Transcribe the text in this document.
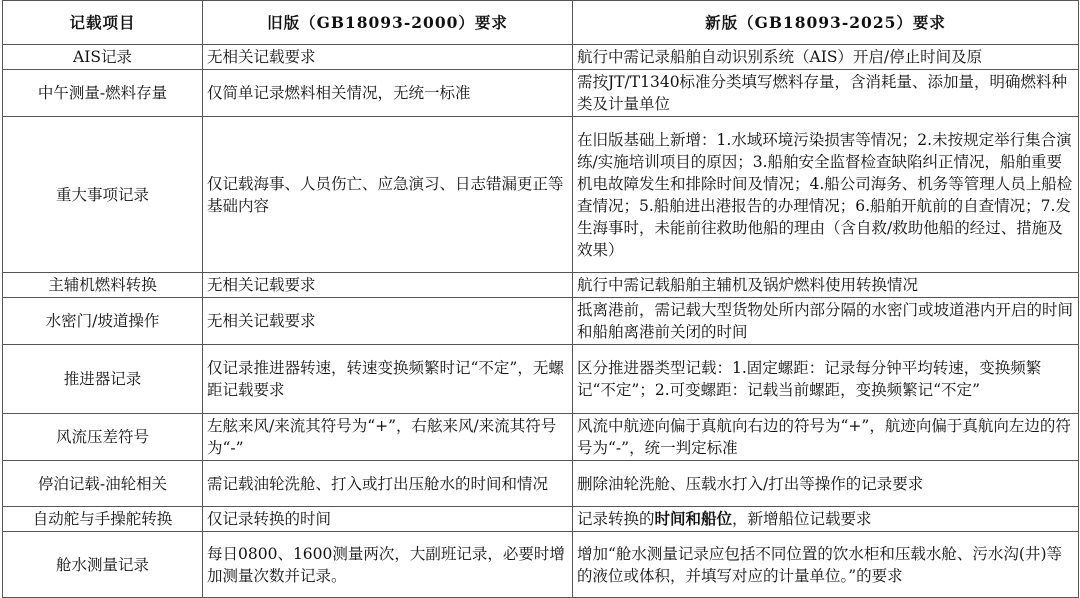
记载项目	旧版（GB18093-2000）要求	新版（GB18093-2025）要求
AIS记录	无相关记载要求	航行中需记录船舶自动识别系统（AIS）开启/停止时间及原
中午测量-燃料存量	仅简单记录燃料相关情况，无统一标准	需按JT/T1340标准分类填写燃料存量，含消耗量、添加量，明确燃料种类及计量单位
重大事项记录	仅记载海事、人员伤亡、应急演习、日志错漏更正等基础内容	在旧版基础上新增：1.水域环境污染损害等情况；2.未按规定举行集合演练/实施培训项目的原因；3.船舶安全监督检查缺陷纠正情况，船舶重要机电故障发生和排除时间及情况；4.船公司海务、机务等管理人员上船检查情况；5.船舶进出港报告的办理情况；6.船舶开航前的自查情况；7.发生海事时，未能前往救助他船的理由（含自救/救助他船的经过、措施及效果）
主辅机燃料转换	无相关记载要求	航行中需记载船舶主辅机及锅炉燃料使用转换情况
水密门/坡道操作	无相关记载要求	抵离港前，需记载大型货物处所内部分隔的水密门或坡道港内开启的时间和船舶离港前关闭的时间
推进器记录	仅记录推进器转速，转速变换频繁时记“不定”，无螺距记载要求	区分推进器类型记载：1.固定螺距：记录每分钟平均转速，变换频繁记“不定”；2.可变螺距：记载当前螺距，变换频繁记“不定”
风流压差符号	左舷来风/来流其符号为“+”，右舷来风/来流其符号为“-”	风流中航迹向偏于真航向右边的符号为“+”，航迹向偏于真航向左边的符号为“-”，统一判定标准
停泊记载-油轮相关	需记载油轮洗舱、打入或打出压舱水的时间和情况	删除油轮洗舱、压载水打入/打出等操作的记录要求
自动舵与手操舵转换	仅记录转换的时间	记录转换的时间和船位，新增船位记载要求
舱水测量记录	每日0800、1600测量两次，大副班记录，必要时增加测量次数并记录。	增加“舱水测量记录应包括不同位置的饮水柜和压载水舱、污水沟(井)等的液位或体积，并填写对应的计量单位。”的要求
